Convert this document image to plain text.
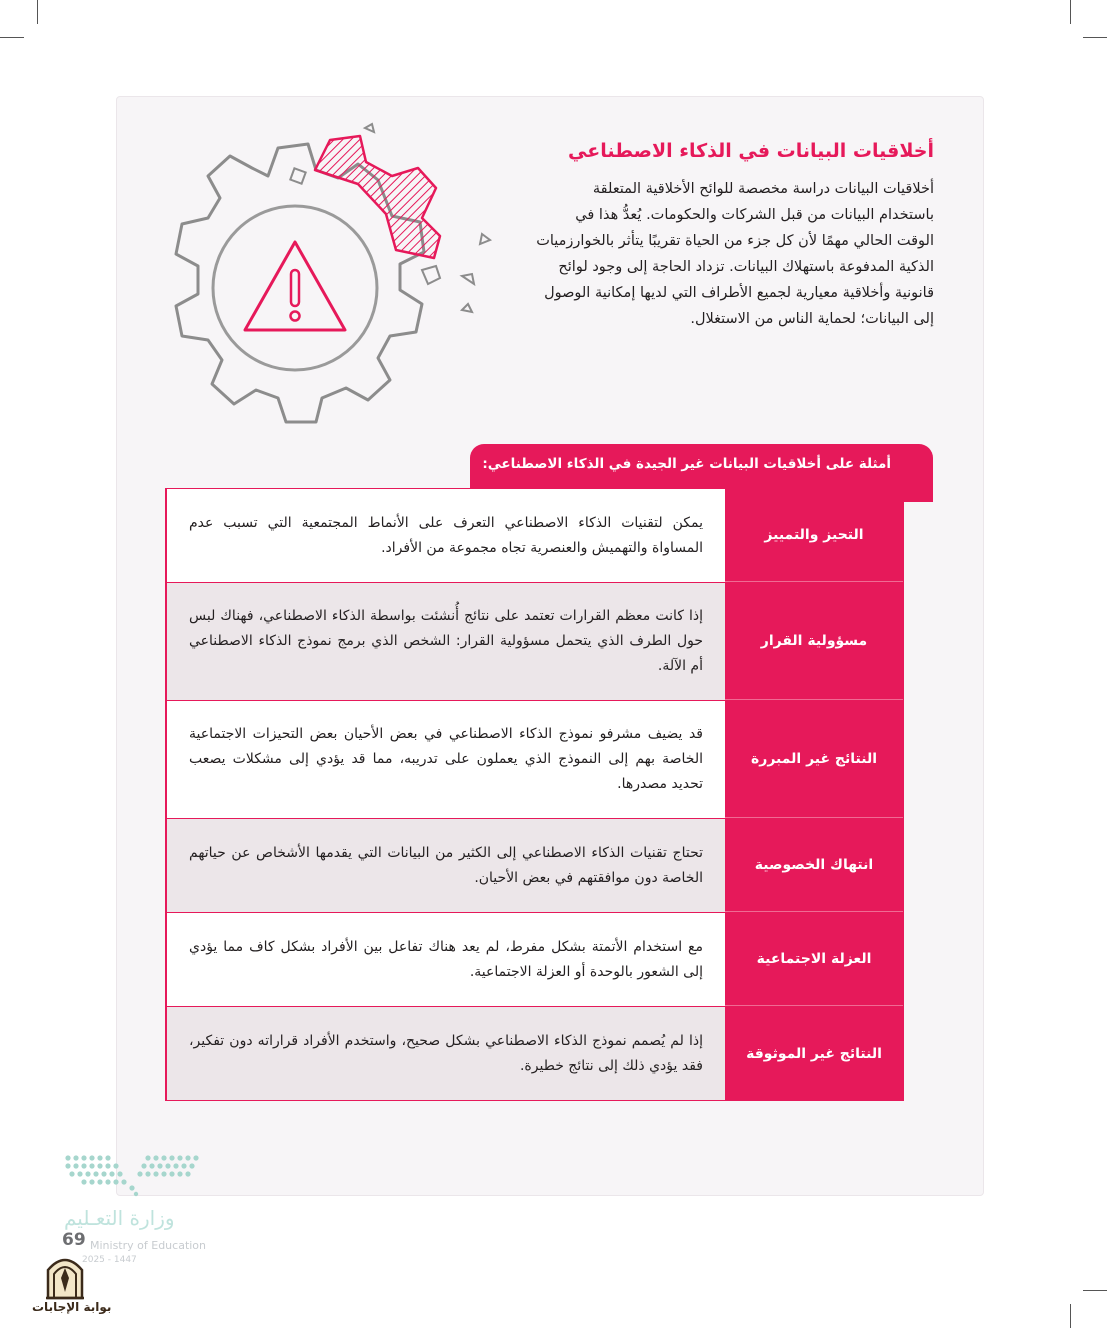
أخلاقيات البيانات في الذكاء الاصطناعي

أخلاقيات البيانات دراسة مخصصة للوائح الأخلاقية المتعلقة باستخدام البيانات من قبل الشركات والحكومات. يُعدُّ هذا في الوقت الحالي مهمًا لأن كل جزء من الحياة تقريبًا يتأثر بالخوارزميات الذكية المدفوعة باستهلاك البيانات. تزداد الحاجة إلى وجود لوائح قانونية وأخلاقية معيارية لجميع الأطراف التي لديها إمكانية الوصول إلى البيانات؛ لحماية الناس من الاستغلال.

أمثلة على أخلاقيات البيانات غير الجيدة في الذكاء الاصطناعي:
التحيز والتمييز
يمكن لتقنيات الذكاء الاصطناعي التعرف على الأنماط المجتمعية التي تسبب عدم المساواة والتهميش والعنصرية تجاه مجموعة من الأفراد.
مسؤولية القرار
إذا كانت معظم القرارات تعتمد على نتائج أُنشئت بواسطة الذكاء الاصطناعي، فهناك لبس حول الطرف الذي يتحمل مسؤولية القرار: الشخص الذي برمج نموذج الذكاء الاصطناعي أم الآلة.
النتائج غير المبررة
قد يضيف مشرفو نموذج الذكاء الاصطناعي في بعض الأحيان بعض التحيزات الاجتماعية الخاصة بهم إلى النموذج الذي يعملون على تدريبه، مما قد يؤدي إلى مشكلات يصعب تحديد مصدرها.
انتهاك الخصوصية
تحتاج تقنيات الذكاء الاصطناعي إلى الكثير من البيانات التي يقدمها الأشخاص عن حياتهم الخاصة دون موافقتهم في بعض الأحيان.
العزلة الاجتماعية
مع استخدام الأتمتة بشكل مفرط، لم يعد هناك تفاعل بين الأفراد بشكل كاف مما يؤدي إلى الشعور بالوحدة أو العزلة الاجتماعية.
النتائج غير الموثوقة
إذا لم يُصمم نموذج الذكاء الاصطناعي بشكل صحيح، واستخدم الأفراد قراراته دون تفكير، فقد يؤدي ذلك إلى نتائج خطيرة.
وزارة التعـليم
Ministry of Education
2025 - 1447
69
بوابة الإجابات
